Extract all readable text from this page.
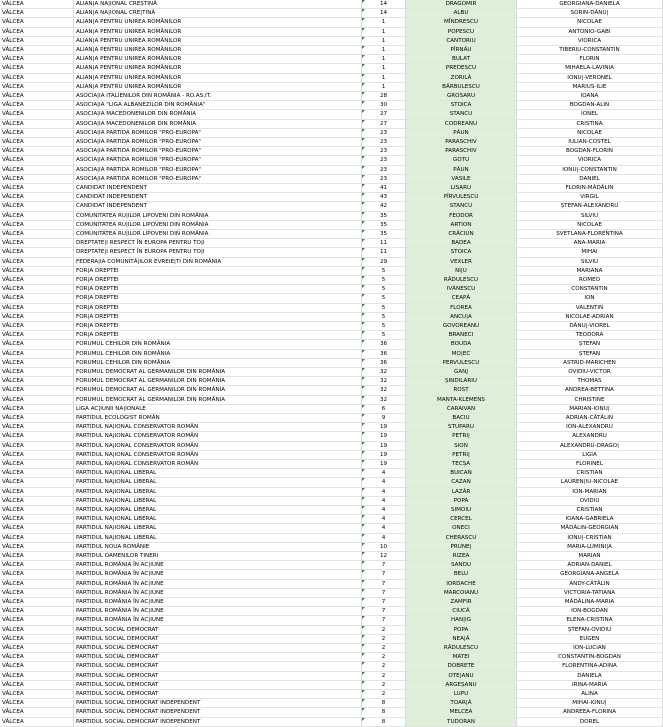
VÂLCEA	ALIAN|A NA|IONAL CREȘTINĂ	14	DRAGOMIR	GEORGIANA-DANIELA
VÂLCEA	ALIAN|A NA|IONAL CRE|TINĂ	14	ALBU	SORIN-DĂNU|
VÂLCEA	ALIAN|A PENTRU UNIREA ROMÂNILOR	1	MÎNDRESCU	NICOLAE
VÂLCEA	ALIAN|A PENTRU UNIREA ROMÂNILOR	1	POPESCU	ANTONIO-GABI
VÂLCEA	ALIAN|A PENTRU UNIREA ROMÂNILOR	1	CANTORIU	VIORICA
VÂLCEA	ALIAN|A PENTRU UNIREA ROMÂNILOR	1	PÎRNĂU	TIBERIU-CONSTANTIN
VÂLCEA	ALIAN|A PENTRU UNIREA ROMÂNILOR	1	BULAT	FLORIN
VÂLCEA	ALIAN|A PENTRU UNIREA ROMÂNILOR	1	PREDESCU	MIHAELA-LAVINIA
VÂLCEA	ALIAN|A PENTRU UNIREA ROMÂNILOR	1	ZORILĂ	IONU|-VERONEL
VÂLCEA	ALIAN|A PENTRU UNIREA ROMÂNILOR	1	BĂRBULESCU	MARIUS-ILIE
VÂLCEA	ASOCIA|IA ITALIENILOR DIN ROMÂNIA - RO.AS.IT.	28	GROSARU	IOANA
VÂLCEA	ASOCIA|IA "LIGA ALBANEZILOR DIN ROMÂNIA"	30	STOICA	BOGDAN-ALIN
VÂLCEA	ASOCIA|IA MACEDONENILOR DIN ROMÂNIA	27	STANCU	IONEL
VÂLCEA	ASOCIA|IA MACEDONENILOR DIN ROMÂNIA	27	CODREANU	CRISTINA
VÂLCEA	ASOCIA|IA PARTIDA ROMILOR "PRO-EUROPA"	23	PĂUN	NICOLAE
VÂLCEA	ASOCIA|IA PARTIDA ROMILOR "PRO-EUROPA"	23	PARASCHIV	IULIAN-COSTEL
VÂLCEA	ASOCIA|IA PARTIDA ROMILOR "PRO-EUROPA"	23	PARASCHIV	BOGDAN-FLORIN
VÂLCEA	ASOCIA|IA PARTIDA ROMILOR "PRO-EUROPA"	23	GOTU	VIORICA
VÂLCEA	ASOCIA|IA PARTIDA ROMILOR "PRO-EUROPA"	23	PĂUN	IONU|-CONSTANTIN
VÂLCEA	ASOCIA|IA PARTIDA ROMILOR "PRO-EUROPA"	23	VASILE	DANIEL
VÂLCEA	CANDIDAT INDEPENDENT	41	LISARU	FLORIN-MĂDĂLIN
VÂLCEA	CANDIDAT INDEPENDENT	43	PÎRVULESCU	VIRGIL
VÂLCEA	CANDIDAT INDEPENDENT	42	STANCU	ȘTEFAN-ALEXANDRU
VÂLCEA	COMUNITATEA RU|ILOR LIPOVENI DIN ROMÂNIA	35	FEODOR	SILVIU
VÂLCEA	COMUNITATEA RU|ILOR LIPOVENI DIN ROMÂNIA	35	ARTION	NICOLAE
VÂLCEA	COMUNITATEA RU|ILOR LIPOVENI DIN ROMÂNIA	35	CRĂCIUN	SVETLANA-FLORENTINA
VÂLCEA	DREPTATE|I RESPECT ÎN EUROPA PENTRU TO|I	11	BADEA	ANA-MARIA
VÂLCEA	DREPTATE|I RESPECT ÎN EUROPA PENTRU TO|I	11	STOICA	MIHAI
VÂLCEA	FEDERA|IA COMUNITĂ|ILOR EVREIE|TI DIN ROMÂNIA	29	VEXLER	SILVIU
VÂLCEA	FOR|A DREPTEI	5	NI|U	MARIANA
VÂLCEA	FOR|A DREPTEI	5	RĂDULESCU	ROMEO
VÂLCEA	FOR|A DREPTEI	5	IVĂNESCU	CONSTANTIN
VÂLCEA	FOR|A DREPTEI	5	CEAPĂ	ION
VÂLCEA	FOR|A DREPTEI	5	FLOREA	VALENTIN
VÂLCEA	FOR|A DREPTEI	5	ANCU|A	NICOLAE-ADRIAN
VÂLCEA	FOR|A DREPTEI	5	GOVOREANU	DĂNU|-VIOREL
VÂLCEA	FOR|A DREPTEI	5	BRANECI	TEODORA
VÂLCEA	FORUMUL CEHILOR DIN ROMÂNIA	36	BOUDA	ȘTEFAN
VÂLCEA	FORUMUL CEHILOR DIN ROMÂNIA	36	MO|EC	ȘTEFAN
VÂLCEA	FORUMUL CEHILOR DIN ROMÂNIA	36	PERVULESCU	ASTRID-MARICHEN
VÂLCEA	FORUMUL DEMOCRAT AL GERMANILOR DIN ROMÂNIA	32	GANJ	OVIDIU-VICTOR
VÂLCEA	FORUMUL DEMOCRAT AL GERMANILOR DIN ROMÂNIA	32	ȘINDILARIU	THOMAS
VÂLCEA	FORUMUL DEMOCRAT AL GERMANILOR DIN ROMÂNIA	32	ROST	ANDREA-BETTINA
VÂLCEA	FORUMUL DEMOCRAT AL GERMANILOR DIN ROMÂNIA	32	MANTA-KLEMENS	CHRISTINE
VÂLCEA	LIGA AC|IUNII NA|IONALE	6	CARAIVAN	MARIAN-IONU|
VÂLCEA	PARTIDUL ECOLOGIST ROMÂN	9	BACIU	ADRIAN-CĂTĂLIN
VÂLCEA	PARTIDUL NA|IONAL CONSERVATOR ROMÂN	19	STUPARU	ION-ALEXANDRU
VÂLCEA	PARTIDUL NA|IONAL CONSERVATOR ROMÂN	19	PETRI|	ALEXANDRU
VÂLCEA	PARTIDUL NA|IONAL CONSERVATOR ROMÂN	19	SION	ALEXANDRU-DRAGO|
VÂLCEA	PARTIDUL NA|IONAL CONSERVATOR ROMÂN	19	PETRI|	LIGIA
VÂLCEA	PARTIDUL NA|IONAL CONSERVATOR ROMÂN	19	TECȘA	FLORINEL
VÂLCEA	PARTIDUL NA|IONAL LIBERAL	4	BUICAN	CRISTIAN
VÂLCEA	PARTIDUL NA|IONAL LIBERAL	4	CAZAN	LAUREN|IU-NICOLAE
VÂLCEA	PARTIDUL NA|IONAL LIBERAL	4	LAZĂR	ION-MARIAN
VÂLCEA	PARTIDUL NA|IONAL LIBERAL	4	POPA	OVIDIU
VÂLCEA	PARTIDUL NA|IONAL LIBERAL	4	SIMOIU	CRISTIAN
VÂLCEA	PARTIDUL NA|IONAL LIBERAL	4	CERCEL	IOANA-GABRIELA
VÂLCEA	PARTIDUL NA|IONAL LIBERAL	4	ONECI	MĂDĂLIN-GEORGIAN
VÂLCEA	PARTIDUL NA|IONAL LIBERAL	4	CHERASCU	IONU|-CRISTIAN
VÂLCEA	PARTIDUL NOUA ROMÂNIE	10	PRUNE|	MARIA-LUMINI|A
VÂLCEA	PARTIDUL OAMENILOR TINERI	12	RIZEA	MARIAN
VÂLCEA	PARTIDUL ROMÂNIA ÎN AC|IUNE	7	SANDU	ADRIAN-DANIEL
VÂLCEA	PARTIDUL ROMÂNIA ÎN AC|IUNE	7	BELU	GEORGIANA-ANGELA
VÂLCEA	PARTIDUL ROMÂNIA ÎN AC|IUNE	7	IORDACHE	ANDY-CĂTĂLIN
VÂLCEA	PARTIDUL ROMÂNIA ÎN AC|IUNE	7	MARCOIANU	VICTORIA-TATIANA
VÂLCEA	PARTIDUL ROMÂNIA ÎN AC|IUNE	7	ZAMFIR	MĂDĂLINA-MARIA
VÂLCEA	PARTIDUL ROMÂNIA ÎN AC|IUNE	7	CIUCĂ	ION-BOGDAN
VÂLCEA	PARTIDUL ROMÂNIA ÎN AC|IUNE	7	HAN|IG	ELENA-CRISTINA
VÂLCEA	PARTIDUL SOCIAL DEMOCRAT	2	POPA	ȘTEFAN-OVIDIU
VÂLCEA	PARTIDUL SOCIAL DEMOCRAT	2	NEA|Ă	EUGEN
VÂLCEA	PARTIDUL SOCIAL DEMOCRAT	2	RĂDULESCU	ION-LUCIAN
VÂLCEA	PARTIDUL SOCIAL DEMOCRAT	2	MATEI	CONSTANTIN-BOGDAN
VÂLCEA	PARTIDUL SOCIAL DEMOCRAT	2	DOBRETE	FLORENTINA-ADINA
VÂLCEA	PARTIDUL SOCIAL DEMOCRAT	2	OTE|ANU	DANIELA
VÂLCEA	PARTIDUL SOCIAL DEMOCRAT	2	ARGEȘANU	IRINA-MARIA
VÂLCEA	PARTIDUL SOCIAL DEMOCRAT	2	LUPU	ALINA
VÂLCEA	PARTIDUL SOCIAL DEMOCRAT INDEPENDENT	8	TOAR|Ă	MIHAI-IONU|
VÂLCEA	PARTIDUL SOCIAL DEMOCRAT INDEPENDENT	8	MELCEA	ANDREEA-FLORINA
VÂLCEA	PARTIDUL SOCIAL DEMOCRAT INDEPENDENT	8	TUDORAN	DOREL
